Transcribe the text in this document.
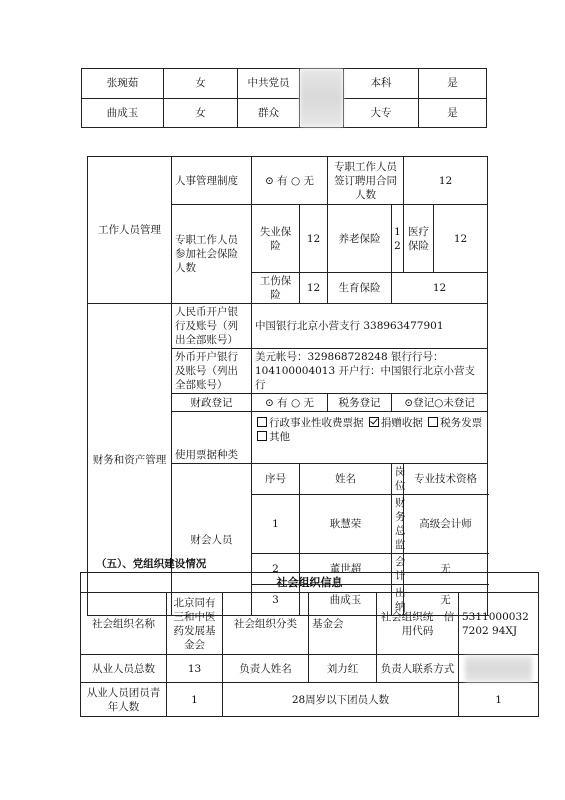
张琬茹	女	中共党员		本科	是
曲成玉	女	群众		大专	是
工作人员管理	人事管理制度	⊙ 有 ○ 无		专职工作人员签订聘用合同人数		12	
	专职工作人员参加社会保险人数	失业保险	12	养老保险	12	医疗保险	12
		工伤保险	12	生育保险	12		
财务和资产管理	人民币开户银行及账号（列出全部账号）	中国银行北京小营支行 338963477901					
	外币开户银行及账号（列出全部账号）	美元帐号：329868728248 银行行号： 104100004013 开户行：中国银行北京小营支行					
	财政登记	⊙ 有 ○ 无		税务登记	⊙登记○未登记		
	使用票据种类	行政事业性收费票据 捐赠收据 税务发票 其他					
	财会人员	序号	姓名		岗位	专业技术资格	
		1	耿慧荣		财务总监	高级会计师	
		2	董世超		会计	无	
		3	曲成玉		出纳	无	
（五）、党组织建设情况
社会组织信息					
社会组织名称	北京同有三和中医药发展基金会	社会组织分类	基金会	社会组织统一信用代码	53110000327202 94XJ
从业人员总数	13	负责人姓名	刘力红	负责人联系方式	

从业人员团员青年人数	1	28周岁以下团员人数			1
